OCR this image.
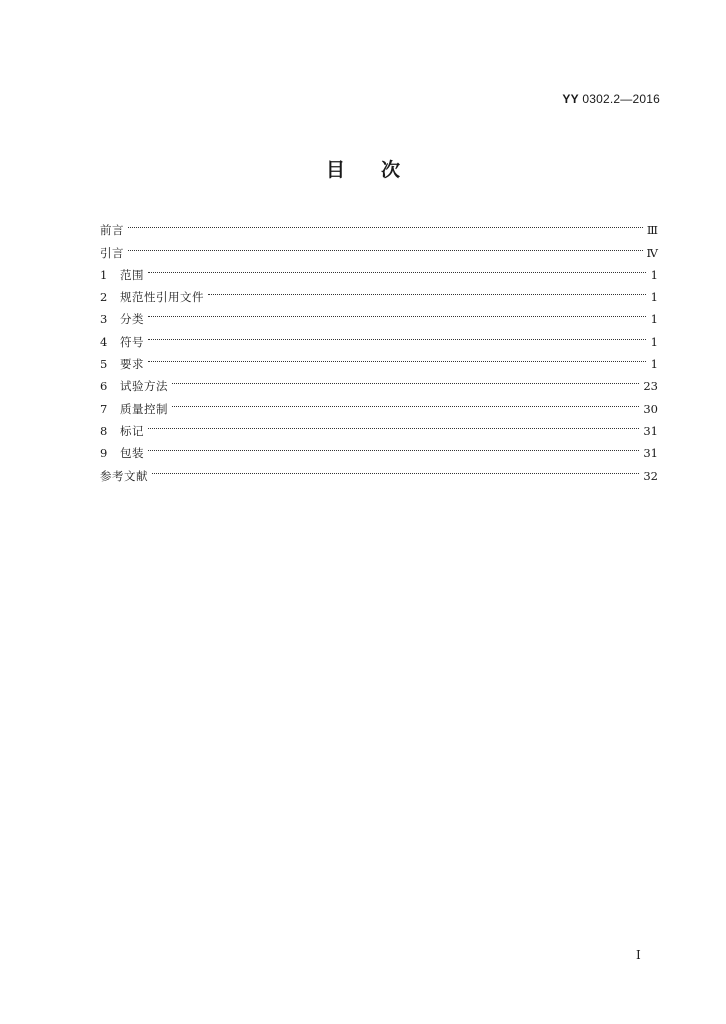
YY 0302.2—2016
目 次
前言	Ⅲ
引言	Ⅳ
1	范围	1
2	规范性引用文件	1
3	分类	1
4	符号	1
5	要求	1
6	试验方法	23
7	质量控制	30
8	标记	31
9	包装	31
参考文献	32
I
